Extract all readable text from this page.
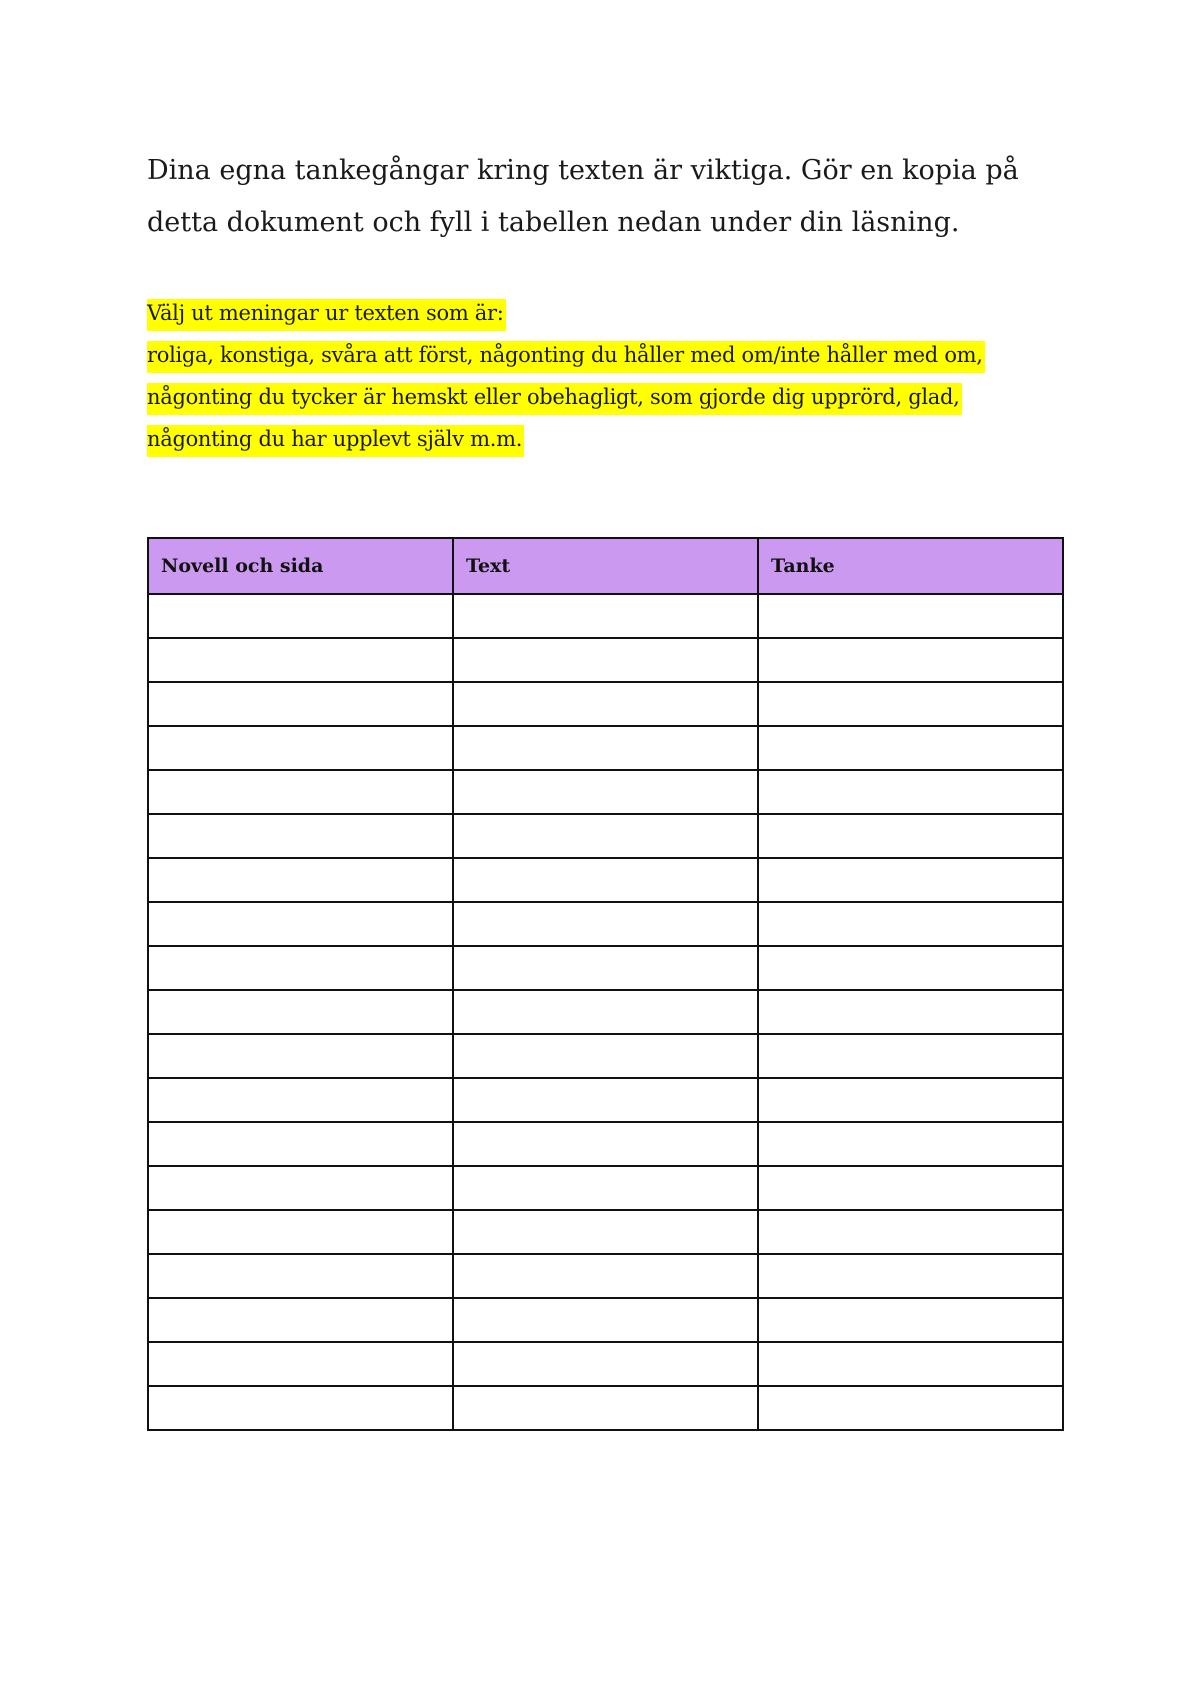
Dina egna tankegångar kring texten är viktiga. Gör en kopia på
detta dokument och fyll i tabellen nedan under din läsning.

Välj ut meningar ur texten som är:
roliga, konstiga, svåra att först, någonting du håller med om/inte håller med om,
någonting du tycker är hemskt eller obehagligt, som gjorde dig upprörd, glad,
någonting du har upplevt själv m.m.

Novell och sida	Text	Tanke
